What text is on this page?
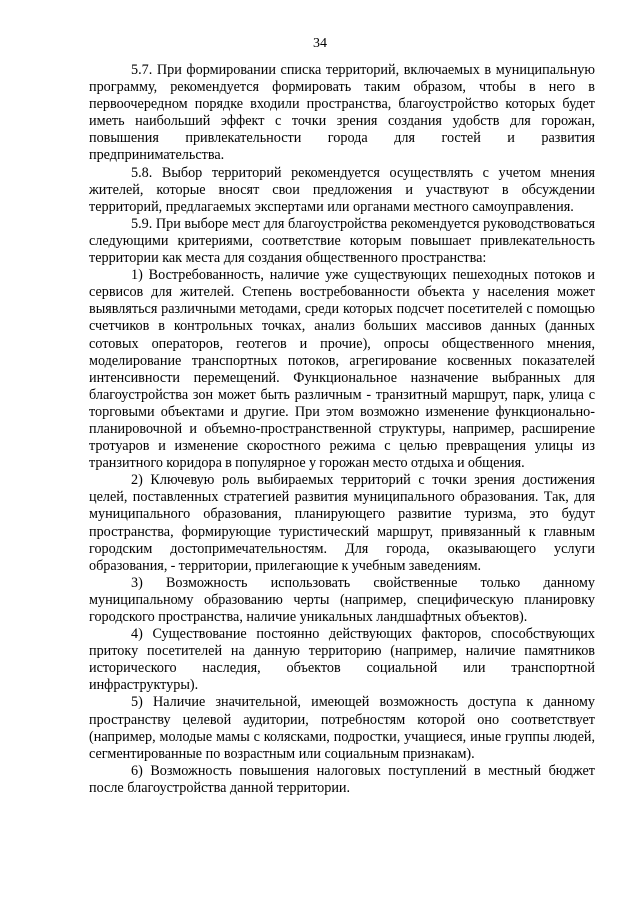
34

5.7. При формировании списка территорий, включаемых в муниципальную программу, рекомендуется формировать таким образом, чтобы в него в первоочередном порядке входили пространства, благоустройство которых будет иметь наибольший эффект с точки зрения создания удобств для горожан, повышения привлекательности города для гостей и развития предпринимательства.

5.8. Выбор территорий рекомендуется осуществлять с учетом мнения жителей, которые вносят свои предложения и участвуют в обсуждении территорий, предлагаемых экспертами или органами местного самоуправления.

5.9. При выборе мест для благоустройства рекомендуется руководствоваться следующими критериями, соответствие которым повышает привлекательность территории как места для создания общественного пространства:

1) Востребованность, наличие уже существующих пешеходных потоков и сервисов для жителей. Степень востребованности объекта у населения может выявляться различными методами, среди которых подсчет посетителей с помощью счетчиков в контрольных точках, анализ больших массивов данных (данных сотовых операторов, геотегов и прочие), опросы общественного мнения, моделирование транспортных потоков, агрегирование косвенных показателей интенсивности перемещений. Функциональное назначение выбранных для благоустройства зон может быть различным - транзитный маршрут, парк, улица с торговыми объектами и другие. При этом возможно изменение функционально-планировочной и объемно-пространственной структуры, например, расширение тротуаров и изменение скоростного режима с целью превращения улицы из транзитного коридора в популярное у горожан место отдыха и общения.

2) Ключевую роль выбираемых территорий с точки зрения достижения целей, поставленных стратегией развития муниципального образования. Так, для муниципального образования, планирующего развитие туризма, это будут пространства, формирующие туристический маршрут, привязанный к главным городским достопримечательностям. Для города, оказывающего услуги образования, - территории, прилегающие к учебным заведениям.

3) Возможность использовать свойственные только данному муниципальному образованию черты (например, специфическую планировку городского пространства, наличие уникальных ландшафтных объектов).

4) Существование постоянно действующих факторов, способствующих притоку посетителей на данную территорию (например, наличие памятников исторического наследия, объектов социальной или транспортной инфраструктуры).

5) Наличие значительной, имеющей возможность доступа к данному пространству целевой аудитории, потребностям которой оно соответствует (например, молодые мамы с колясками, подростки, учащиеся, иные группы людей, сегментированные по возрастным или социальным признакам).

6) Возможность повышения налоговых поступлений в местный бюджет после благоустройства данной территории.
